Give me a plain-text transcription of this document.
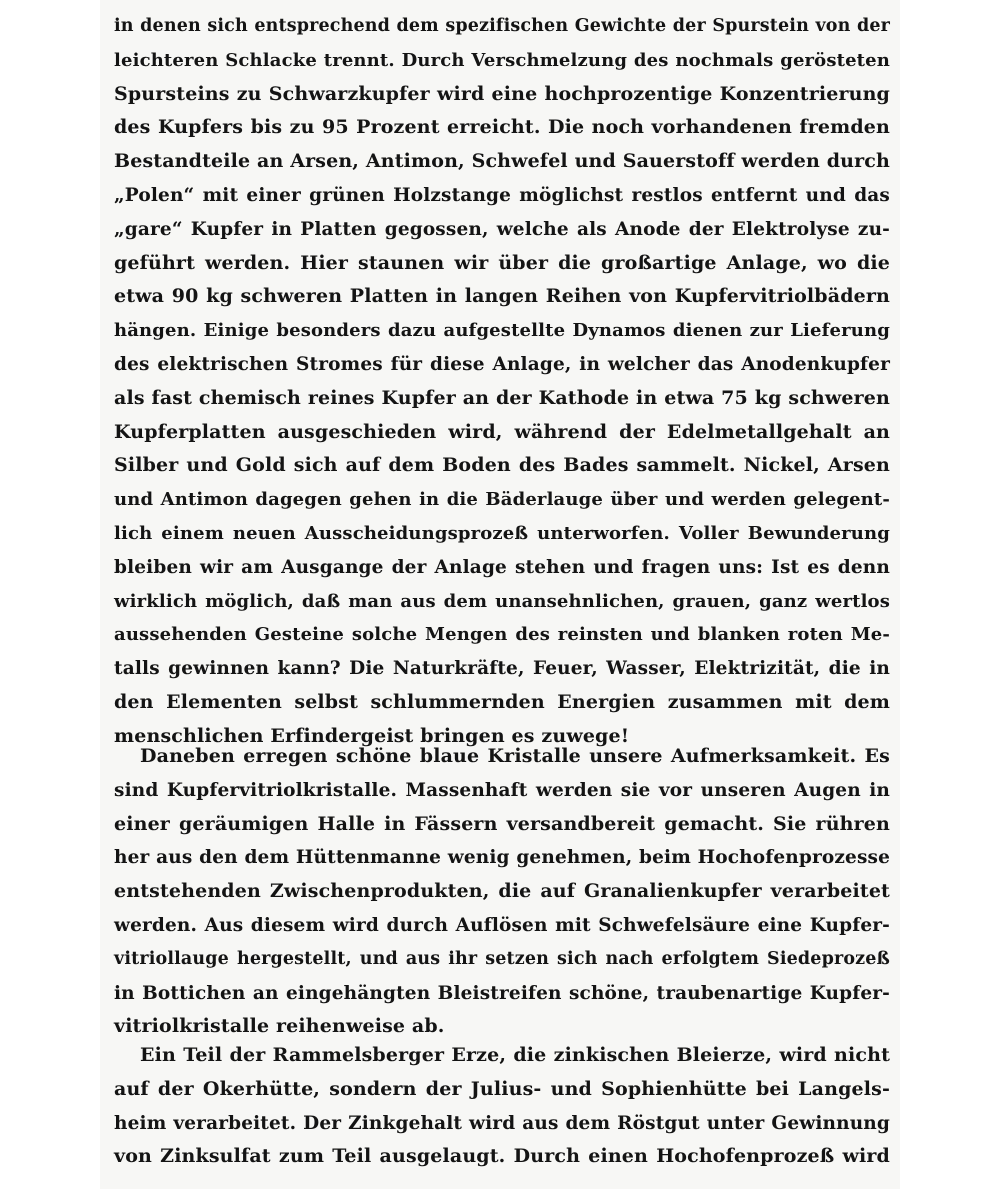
in denen sich entsprechend dem spezifischen Gewichte der Spurstein von der
leichteren Schlacke trennt. Durch Verschmelzung des nochmals gerösteten
Spursteins zu Schwarzkupfer wird eine hochprozentige Konzentrierung
des Kupfers bis zu 95 Prozent erreicht. Die noch vorhandenen fremden
Bestandteile an Arsen, Antimon, Schwefel und Sauerstoff werden durch
„Polen“ mit einer grünen Holzstange möglichst restlos entfernt und das
„gare“ Kupfer in Platten gegossen, welche als Anode der Elektrolyse zu-
geführt werden. Hier staunen wir über die großartige Anlage, wo die
etwa 90 kg schweren Platten in langen Reihen von Kupfervitriolbädern
hängen. Einige besonders dazu aufgestellte Dynamos dienen zur Lieferung
des elektrischen Stromes für diese Anlage, in welcher das Anodenkupfer
als fast chemisch reines Kupfer an der Kathode in etwa 75 kg schweren
Kupferplatten ausgeschieden wird, während der Edelmetallgehalt an
Silber und Gold sich auf dem Boden des Bades sammelt. Nickel, Arsen
und Antimon dagegen gehen in die Bäderlauge über und werden gelegent-
lich einem neuen Ausscheidungsprozeß unterworfen. Voller Bewunderung
bleiben wir am Ausgange der Anlage stehen und fragen uns: Ist es denn
wirklich möglich, daß man aus dem unansehnlichen, grauen, ganz wertlos
aussehenden Gesteine solche Mengen des reinsten und blanken roten Me-
talls gewinnen kann? Die Naturkräfte, Feuer, Wasser, Elektrizität, die in
den Elementen selbst schlummernden Energien zusammen mit dem
menschlichen Erfindergeist bringen es zuwege!
Daneben erregen schöne blaue Kristalle unsere Aufmerksamkeit. Es
sind Kupfervitriolkristalle. Massenhaft werden sie vor unseren Augen in
einer geräumigen Halle in Fässern versandbereit gemacht. Sie rühren
her aus den dem Hüttenmanne wenig genehmen, beim Hochofenprozesse
entstehenden Zwischenprodukten, die auf Granalienkupfer verarbeitet
werden. Aus diesem wird durch Auflösen mit Schwefelsäure eine Kupfer-
vitriollauge hergestellt, und aus ihr setzen sich nach erfolgtem Siedeprozeß
in Bottichen an eingehängten Bleistreifen schöne, traubenartige Kupfer-
vitriolkristalle reihenweise ab.
Ein Teil der Rammelsberger Erze, die zinkischen Bleierze, wird nicht
auf der Okerhütte, sondern der Julius- und Sophienhütte bei Langels-
heim verarbeitet. Der Zinkgehalt wird aus dem Röstgut unter Gewinnung
von Zinksulfat zum Teil ausgelaugt. Durch einen Hochofenprozeß wird
